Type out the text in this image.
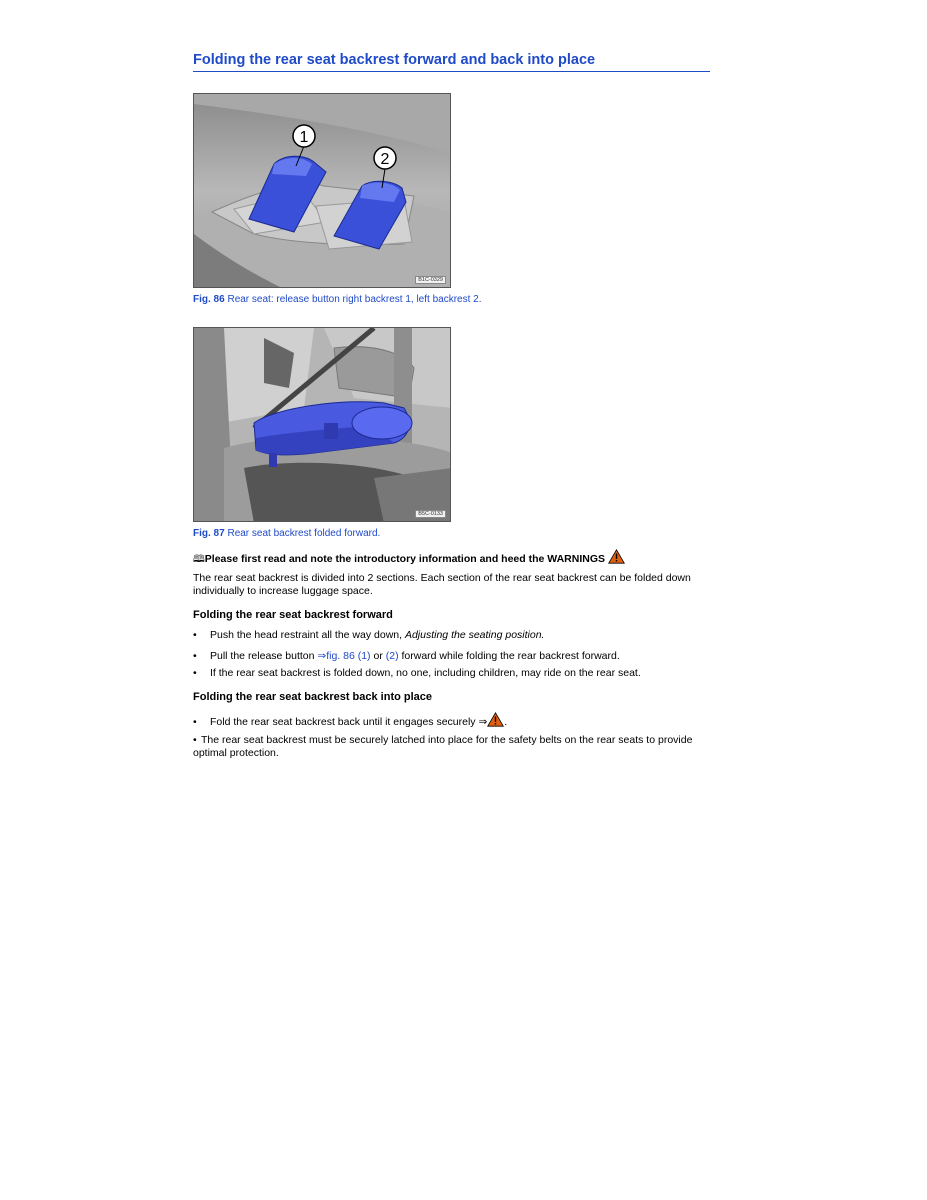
Folding the rear seat backrest forward and back into place
1
2
B1C-0329
Fig. 86 Rear seat: release button right backrest 1, left backrest 2.
B5C-0133
Fig. 87 Rear seat backrest folded forward.
🕮Please first read and note the introductory information and heed the WARNINGS
The rear seat backrest is divided into 2 sections. Each section of the rear seat backrest can be folded down individually to increase luggage space.
Folding the rear seat backrest forward
• Push the head restraint all the way down, Adjusting the seating position.
• Pull the release button ⇒fig. 86 (1) or (2) forward while folding the rear backrest forward.
• If the rear seat backrest is folded down, no one, including children, may ride on the rear seat.
Folding the rear seat backrest back into place
• Fold the rear seat backrest back until it engages securely ⇒ .
• The rear seat backrest must be securely latched into place for the safety belts on the rear seats to provide optimal protection.
